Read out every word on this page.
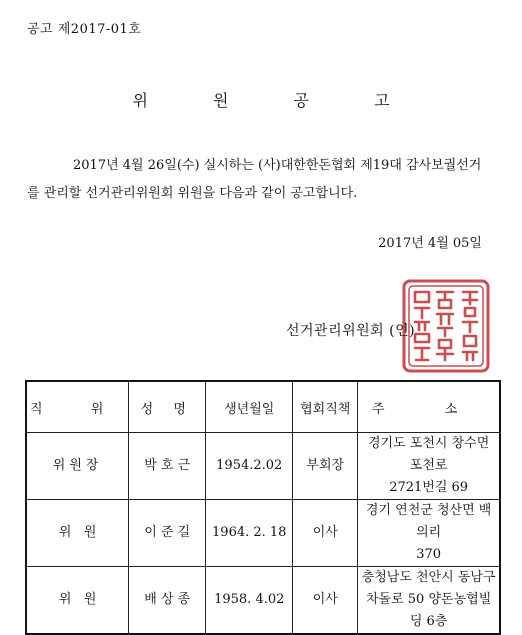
공고 제2017-01호
위 원 공 고
2017년 4월 26일(수) 실시하는 (사)대한한돈협회 제19대 감사보궐선거
를 관리할 선거관리위원회 위원을 다음과 같이 공고합니다.
2017년 4월 05일
선거관리위원회 (인)
직 위	성 명	생년월일	협회직책	주 소
위원장	박 호 근	1954.2.02	부회장	경기도 포천시 창수면 포천로
2721번길 69

위   원	이 준 길	1964. 2. 18	이사	경기 연천군 청산면 백의리
370

위   원	배 상 종	1958. 4.02	이사	충청남도 천안시 동남구
차돌로 50 양돈농협빌딩 6층
